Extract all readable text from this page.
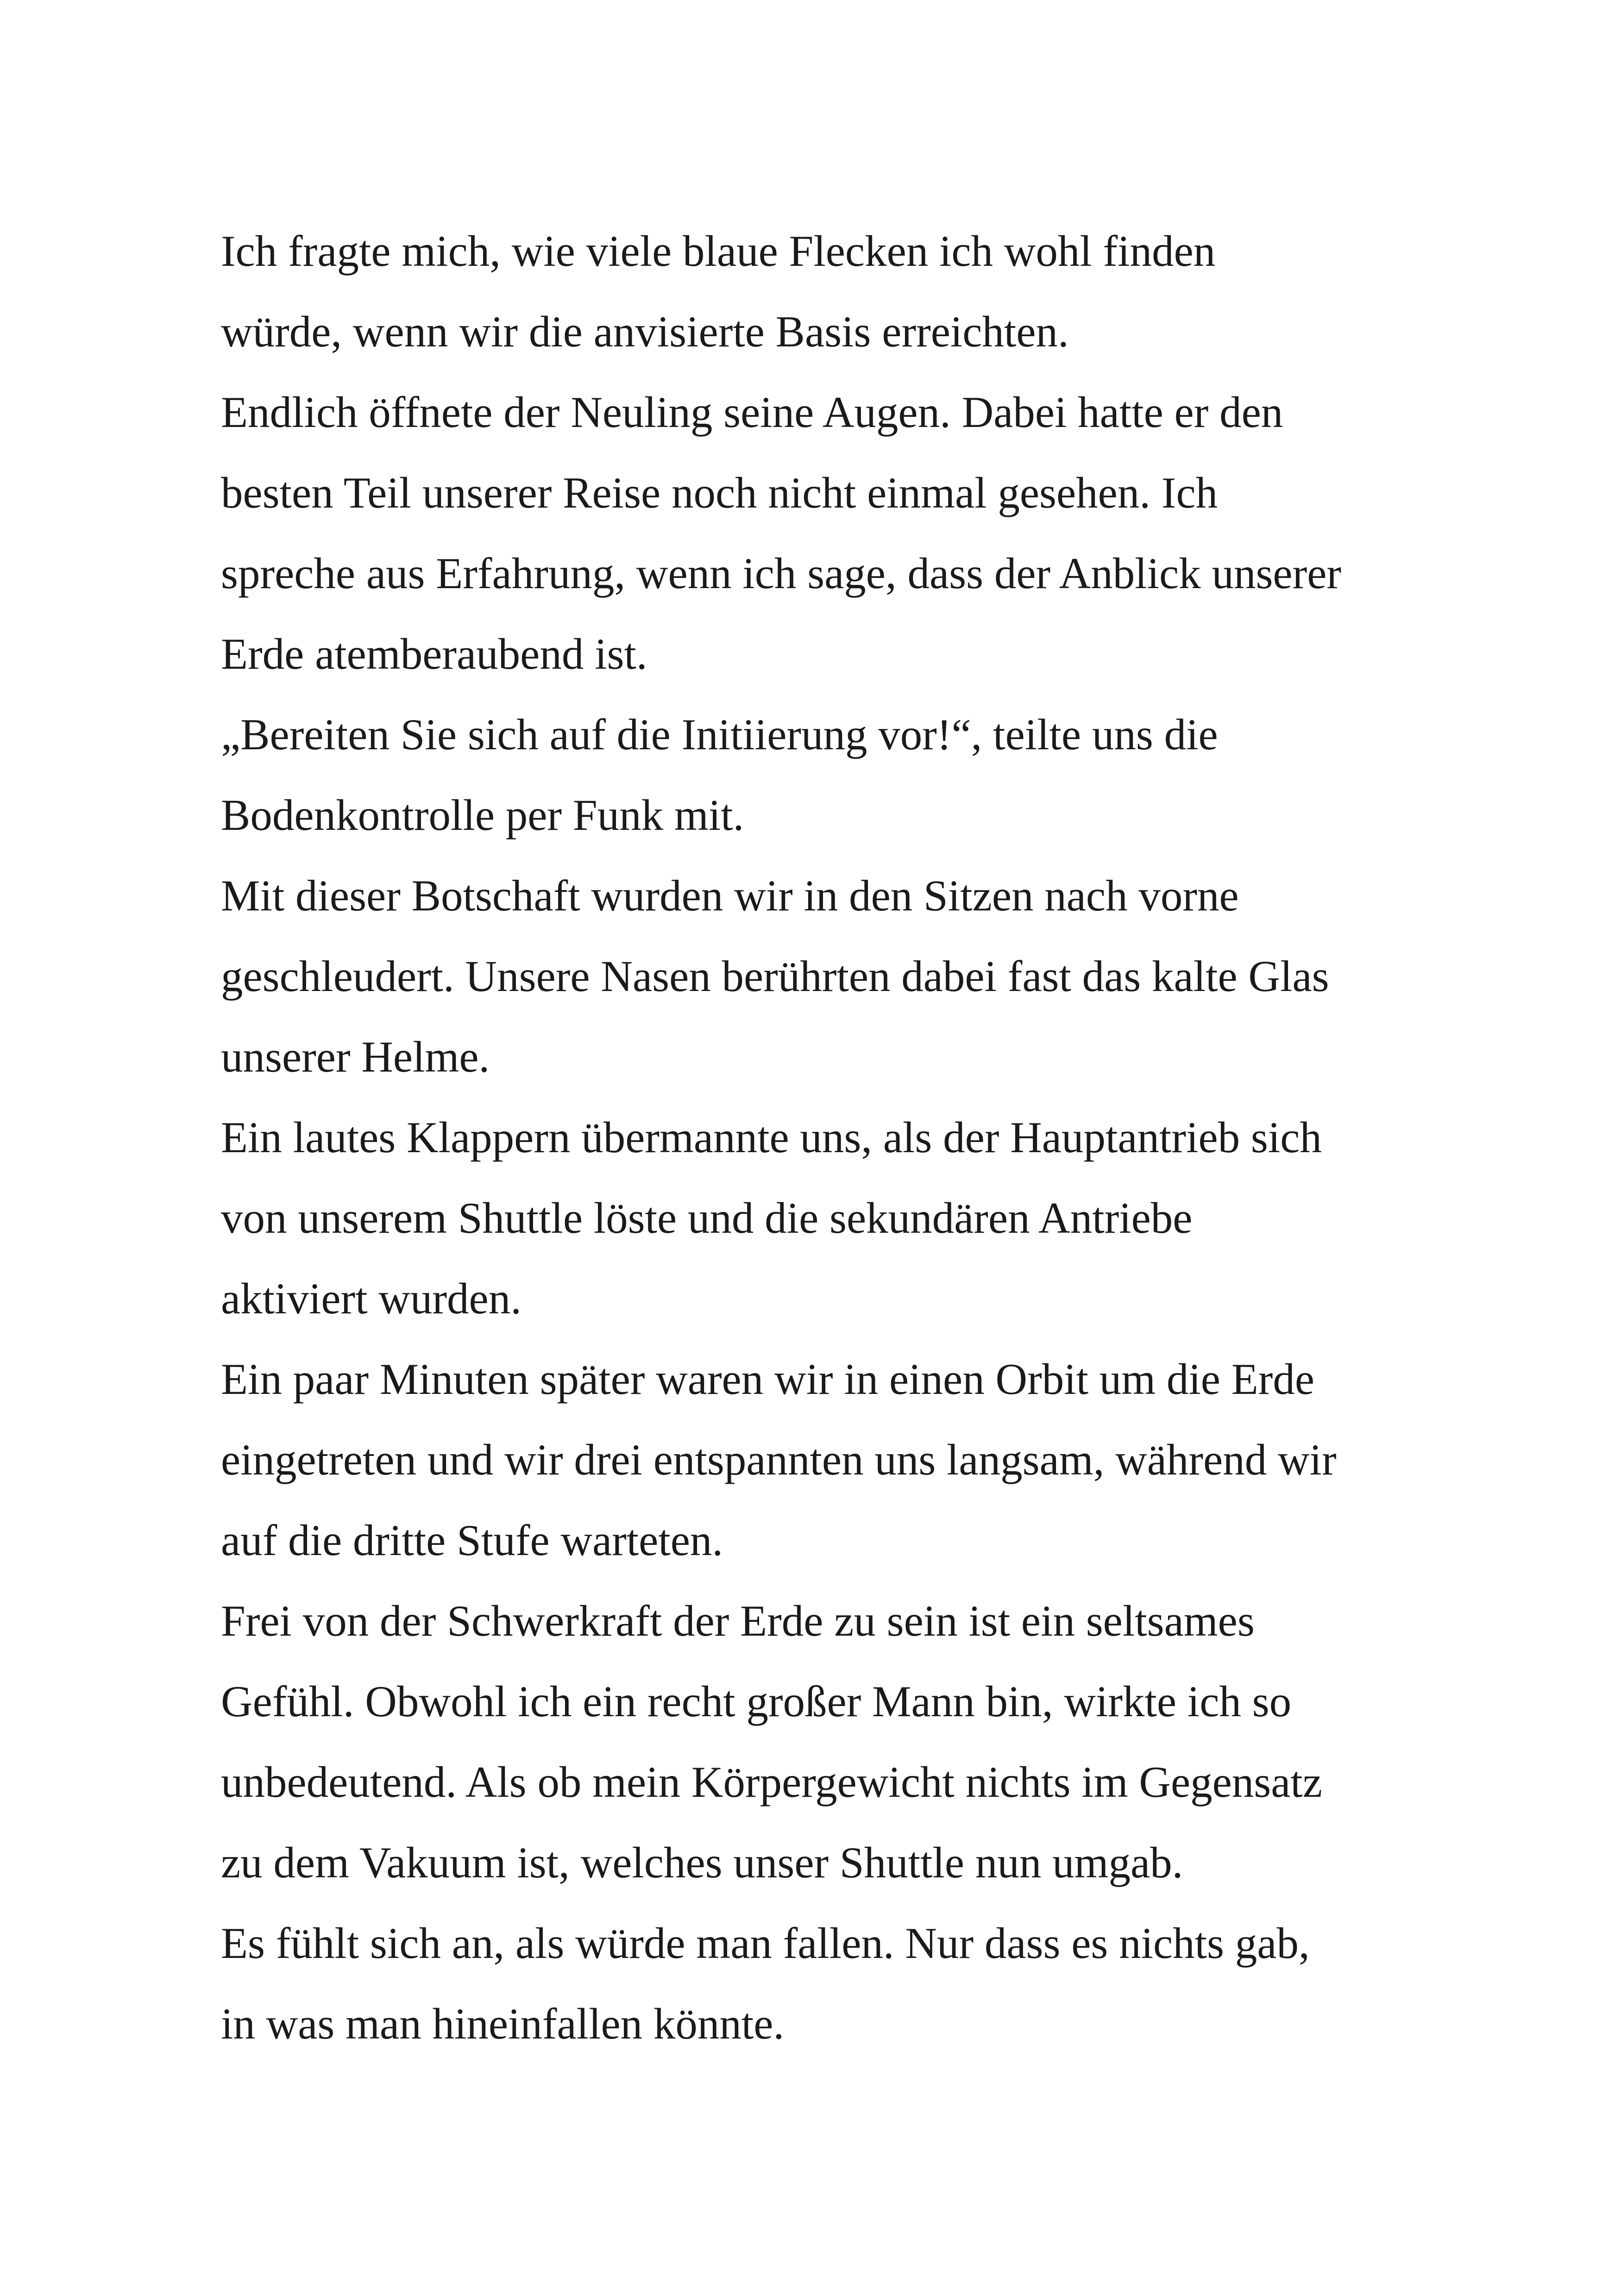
Ich fragte mich, wie viele blaue Flecken ich wohl finden
würde, wenn wir die anvisierte Basis erreichten.
Endlich öffnete der Neuling seine Augen. Dabei hatte er den
besten Teil unserer Reise noch nicht einmal gesehen. Ich
spreche aus Erfahrung, wenn ich sage, dass der Anblick unserer
Erde atemberaubend ist.
„Bereiten Sie sich auf die Initiierung vor!“, teilte uns die
Bodenkontrolle per Funk mit.
Mit dieser Botschaft wurden wir in den Sitzen nach vorne
geschleudert. Unsere Nasen berührten dabei fast das kalte Glas
unserer Helme.
Ein lautes Klappern übermannte uns, als der Hauptantrieb sich
von unserem Shuttle löste und die sekundären Antriebe
aktiviert wurden.
Ein paar Minuten später waren wir in einen Orbit um die Erde
eingetreten und wir drei entspannten uns langsam, während wir
auf die dritte Stufe warteten.
Frei von der Schwerkraft der Erde zu sein ist ein seltsames
Gefühl. Obwohl ich ein recht großer Mann bin, wirkte ich so
unbedeutend. Als ob mein Körpergewicht nichts im Gegensatz
zu dem Vakuum ist, welches unser Shuttle nun umgab.
Es fühlt sich an, als würde man fallen. Nur dass es nichts gab,
in was man hineinfallen könnte.
